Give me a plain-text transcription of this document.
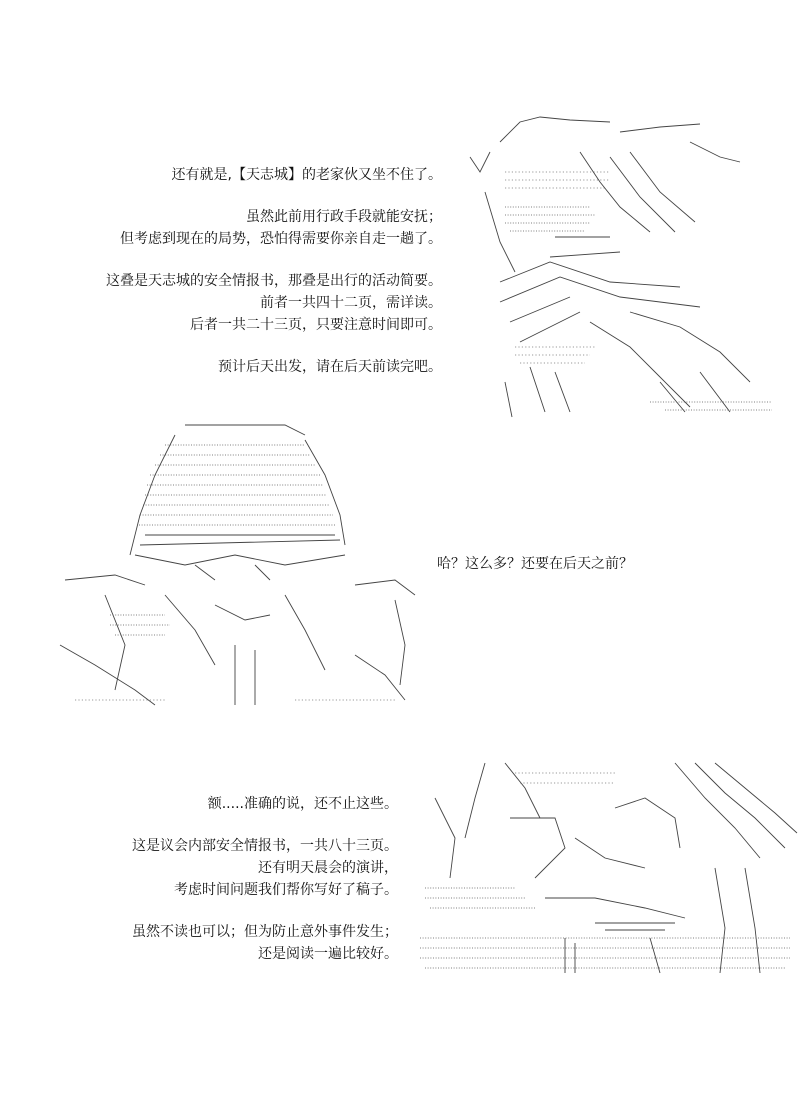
还有就是,【天志城】的老家伙又坐不住了。
虽然此前用行政手段就能安抚；
但考虑到现在的局势，恐怕得需要你亲自走一趟了。
这叠是天志城的安全情报书，那叠是出行的活动简要。
前者一共四十二页，需详读。
后者一共二十三页，只要注意时间即可。
预计后天出发，请在后天前读完吧。
哈？这么多？还要在后天之前？
额.....准确的说，还不止这些。
这是议会内部安全情报书，一共八十三页。
还有明天晨会的演讲，
考虑时间问题我们帮你写好了稿子。
虽然不读也可以；但为防止意外事件发生；
还是阅读一遍比较好。
